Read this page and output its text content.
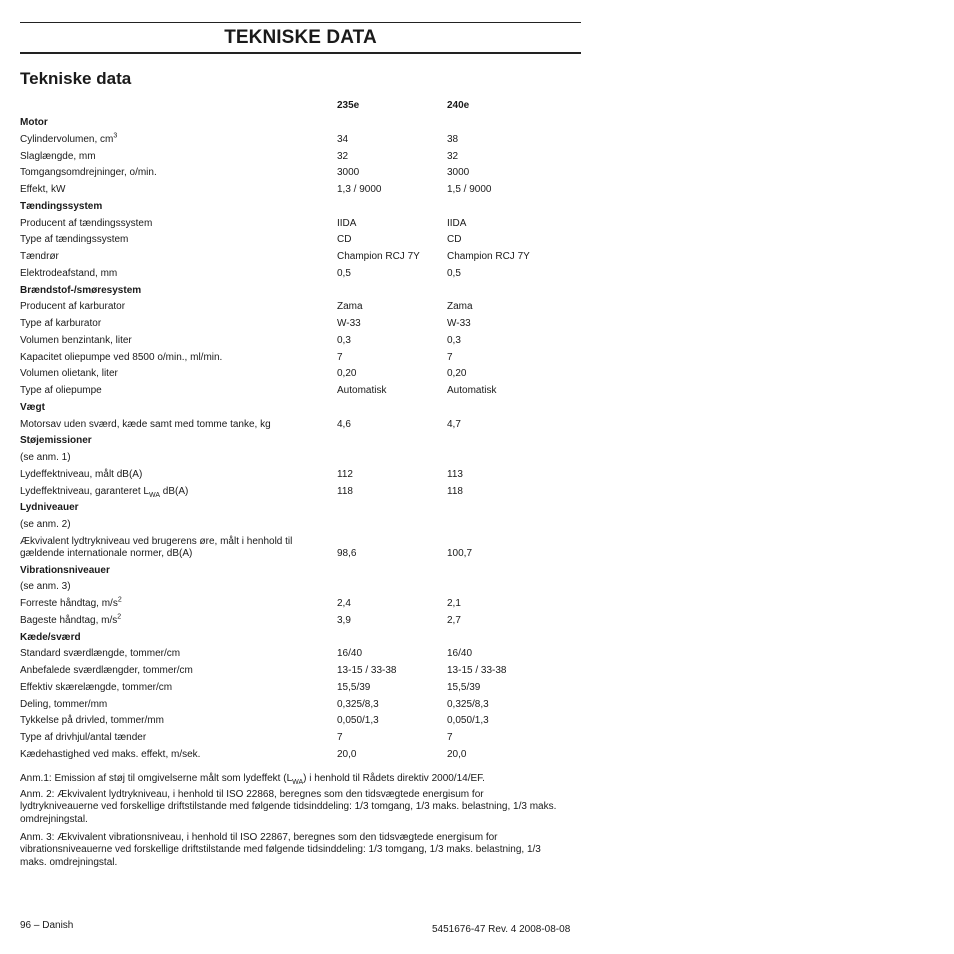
TEKNISKE DATA
Tekniske data
235e	240e
Motor
Cylindervolumen, $cm^3$	34	38
Slaglængde, mm	32	32
Tomgangsomdrejninger, o/min.	3000	3000
Effekt, kW	1,3 / 9000	1,5 / 9000
Tændingssystem
Producent af tændingssystem	IIDA	IIDA
Type af tændingssystem	CD	CD
Tændrør	Champion RCJ 7Y	Champion RCJ 7Y
Elektrodeafstand, mm	0,5	0,5
Brændstof-/smøresystem
Producent af karburator	Zama	Zama
Type af karburator	W-33	W-33
Volumen benzintank, liter	0,3	0,3
Kapacitet oliepumpe ved 8500 o/min., ml/min.	7	7
Volumen olietank, liter	0,20	0,20
Type af oliepumpe	Automatisk	Automatisk
Vægt
Motorsav uden sværd, kæde samt med tomme tanke, kg	4,6	4,7
Støjemissioner
(se anm. 1)
Lydeffektniveau, målt dB(A)	112	113
Lydeffektniveau, garanteret $L_{WA}$ dB(A)	118	118
Lydniveauer
(se anm. 2)
Ækvivalent lydtrykniveau ved brugerens øre, målt i henhold til
gældende internationale normer, dB(A)	98,6	100,7
Vibrationsniveauer
(se anm. 3)
Forreste håndtag, $m/s^2$	2,4	2,1
Bageste håndtag, $m/s^2$	3,9	2,7
Kæde/sværd
Standard sværdlængde, tommer/cm	16/40	16/40
Anbefalede sværdlængder, tommer/cm	13-15 / 33-38	13-15 / 33-38
Effektiv skærelængde, tommer/cm	15,5/39	15,5/39
Deling, tommer/mm	0,325/8,3	0,325/8,3
Tykkelse på drivled, tommer/mm	0,050/1,3	0,050/1,3
Type af drivhjul/antal tænder	7	7
Kædehastighed ved maks. effekt, m/sek.	20,0	20,0
Anm.1: Emission af støj til omgivelserne målt som lydeffekt $(L_{WA})$ i henhold til Rådets direktiv 2000/14/EF.
Anm. 2: Ækvivalent lydtrykniveau, i henhold til ISO 22868, beregnes som den tidsvægtede energisum for
lydtrykniveauerne ved forskellige driftstilstande med følgende tidsinddeling: 1/3 tomgang, 1/3 maks. belastning, 1/3 maks.
omdrejningstal.
Anm. 3: Ækvivalent vibrationsniveau, i henhold til ISO 22867, beregnes som den tidsvægtede energisum for
vibrationsniveauerne ved forskellige driftstilstande med følgende tidsinddeling: 1/3 tomgang, 1/3 maks. belastning, 1/3
maks. omdrejningstal.
96 – Danish	5451676-47 Rev. 4 2008-08-08
